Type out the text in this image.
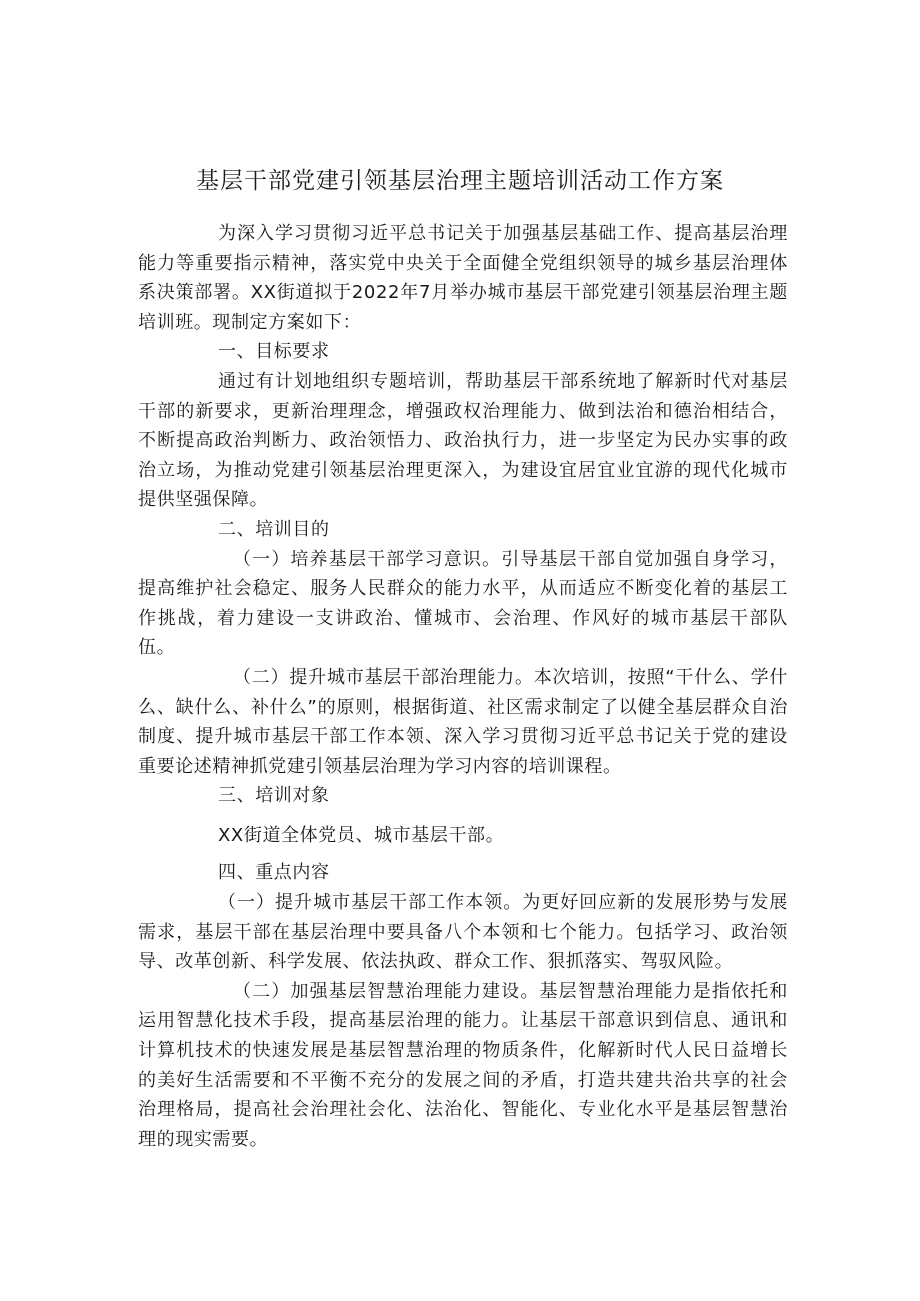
基层干部党建引领基层治理主题培训活动工作方案

为深入学习贯彻习近平总书记关于加强基层基础工作、提高基层治理能力等重要指示精神，落实党中央关于全面健全党组织领导的城乡基层治理体系决策部署。XX街道拟于2022年7月举办城市基层干部党建引领基层治理主题培训班。现制定方案如下：

一、目标要求

通过有计划地组织专题培训，帮助基层干部系统地了解新时代对基层干部的新要求，更新治理理念，增强政权治理能力、做到法治和德治相结合，不断提高政治判断力、政治领悟力、政治执行力，进一步坚定为民办实事的政治立场，为推动党建引领基层治理更深入，为建设宜居宜业宜游的现代化城市提供坚强保障。

二、培训目的

（一）培养基层干部学习意识。引导基层干部自觉加强自身学习，提高维护社会稳定、服务人民群众的能力水平，从而适应不断变化着的基层工作挑战，着力建设一支讲政治、懂城市、会治理、作风好的城市基层干部队伍。

（二）提升城市基层干部治理能力。本次培训，按照“干什么、学什么、缺什么、补什么”的原则，根据街道、社区需求制定了以健全基层群众自治制度、提升城市基层干部工作本领、深入学习贯彻习近平总书记关于党的建设重要论述精神抓党建引领基层治理为学习内容的培训课程。

三、培训对象

XX街道全体党员、城市基层干部。

四、重点内容

（一）提升城市基层干部工作本领。为更好回应新的发展形势与发展需求，基层干部在基层治理中要具备八个本领和七个能力。包括学习、政治领导、改革创新、科学发展、依法执政、群众工作、狠抓落实、驾驭风险。

（二）加强基层智慧治理能力建设。基层智慧治理能力是指依托和运用智慧化技术手段，提高基层治理的能力。让基层干部意识到信息、通讯和计算机技术的快速发展是基层智慧治理的物质条件，化解新时代人民日益增长的美好生活需要和不平衡不充分的发展之间的矛盾，打造共建共治共享的社会治理格局，提高社会治理社会化、法治化、智能化、专业化水平是基层智慧治理的现实需要。
